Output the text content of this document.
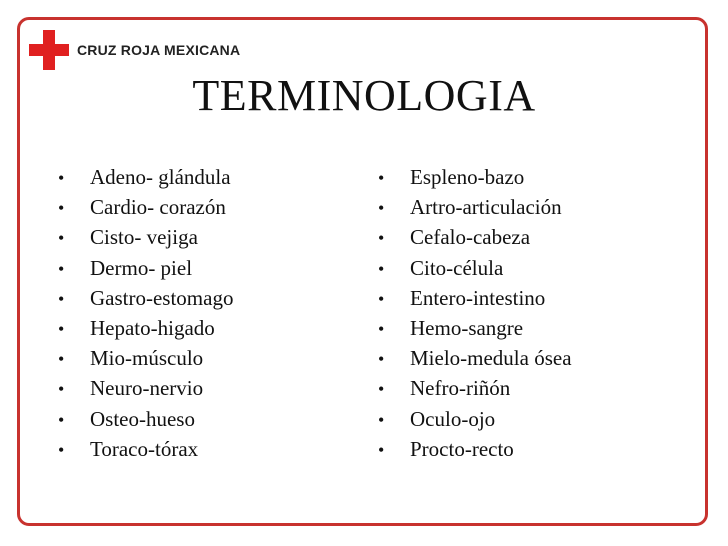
CRUZ ROJA MEXICANA
TERMINOLOGIA
• Adeno- glándula
• Cardio- corazón
• Cisto- vejiga
• Dermo- piel
• Gastro-estomago
• Hepato-higado
• Mio-músculo
• Neuro-nervio
• Osteo-hueso
• Toraco-tórax
• Espleno-bazo
• Artro-articulación
• Cefalo-cabeza
• Cito-célula
• Entero-intestino
• Hemo-sangre
• Mielo-medula ósea
• Nefro-riñón
• Oculo-ojo
• Procto-recto
